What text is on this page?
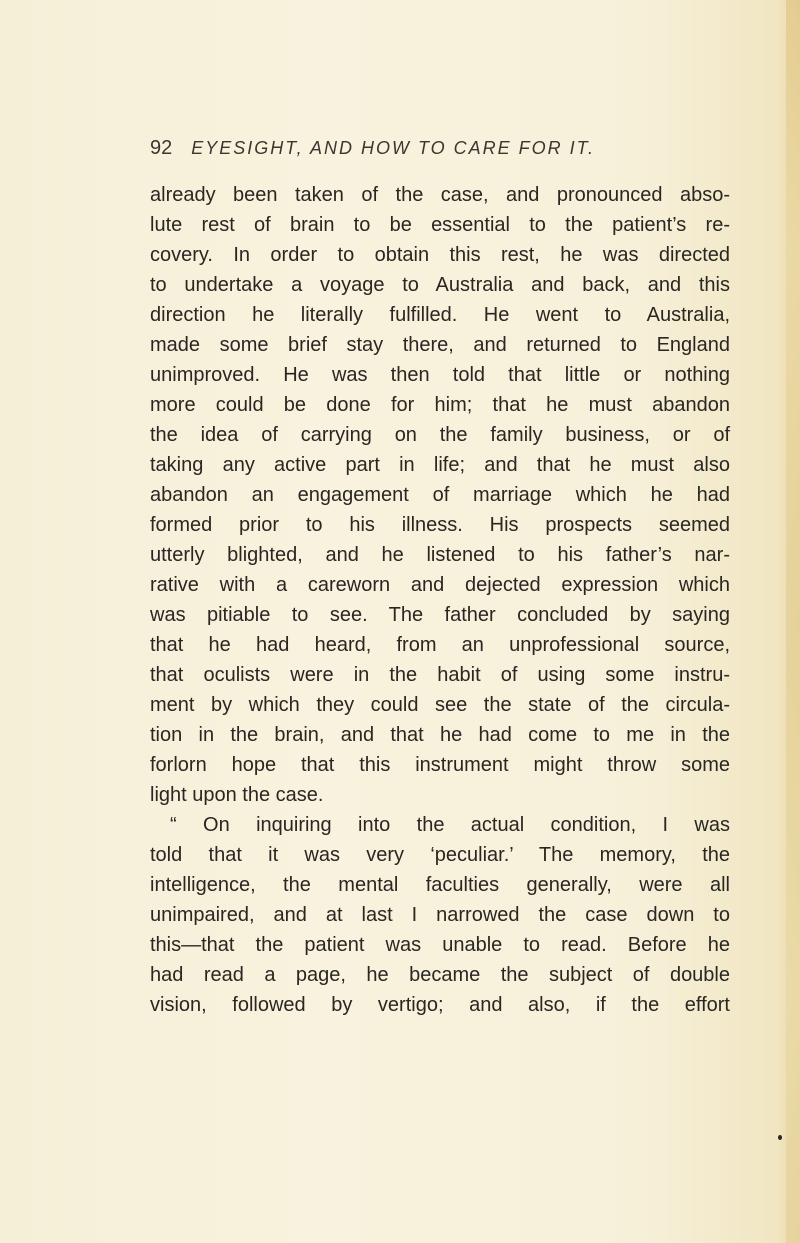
92 EYESIGHT, AND HOW TO CARE FOR IT.
already been taken of the case, and pronounced abso-
lute rest of brain to be essential to the patient’s re-
covery. In order to obtain this rest, he was directed
to undertake a voyage to Australia and back, and this
direction he literally fulfilled. He went to Australia,
made some brief stay there, and returned to England
unimproved. He was then told that little or nothing
more could be done for him; that he must abandon
the idea of carrying on the family business, or of
taking any active part in life; and that he must also
abandon an engagement of marriage which he had
formed prior to his illness. His prospects seemed
utterly blighted, and he listened to his father’s nar-
rative with a careworn and dejected expression which
was pitiable to see. The father concluded by saying
that he had heard, from an unprofessional source,
that oculists were in the habit of using some instru-
ment by which they could see the state of the circula-
tion in the brain, and that he had come to me in the
forlorn hope that this instrument might throw some
light upon the case.
“ On inquiring into the actual condition, I was
told that it was very ‘peculiar.’ The memory, the
intelligence, the mental faculties generally, were all
unimpaired, and at last I narrowed the case down to
this—that the patient was unable to read. Before he
had read a page, he became the subject of double
vision, followed by vertigo; and also, if the effort
